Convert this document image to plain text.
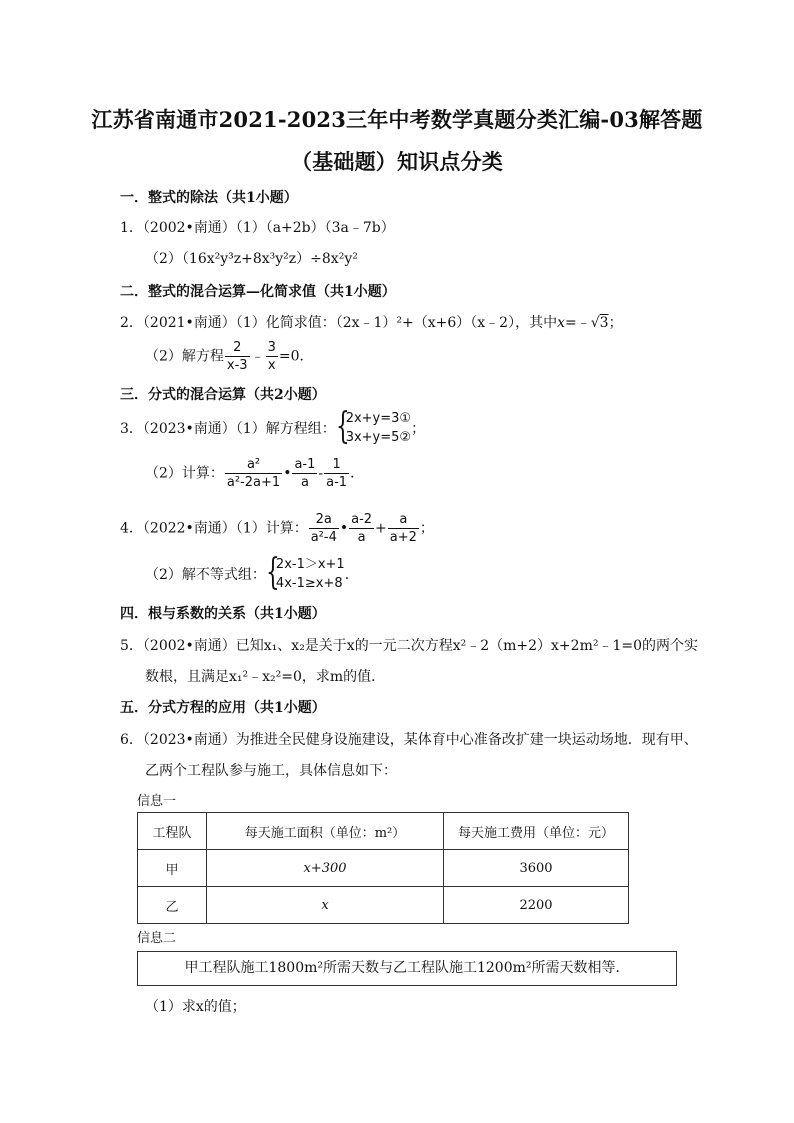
江苏省南通市2021-2023三年中考数学真题分类汇编-03解答题
（基础题）知识点分类
一．整式的除法（共1小题）
1．（2002•南通）（1）（a+2b）（3a﹣7b）
（2）（16x²y³z+8x³y²z）÷8x²y²
二．整式的混合运算—化简求值（共1小题）
2．（2021•南通）（1）化简求值：（2x﹣1）²+（x+6）（x﹣2），其中x=﹣√3；
（2）解方程 $\frac{2}{x-3}$ ﹣ $\frac{3}{x} =0$．
三．分式的混合运算（共2小题）
3．（2023•南通）（1）解方程组： {
2x+y=3①
3x+y=5②
；
（2）计算： $\frac{\text{a²}}{\text{a²-2a+1}}$ • $\frac{a-1}{a} - \frac{1}{a-1}$ ．
4．（2022•南通）（1）计算： $\frac{2a}{\text{a²-4}}$ • $\frac{a-2}{a} + \frac{a}{a+2}$ ；
（2）解不等式组： {
2x-1＞x+1
4x-1≥x+8
．
四．根与系数的关系（共1小题）
5．（2002•南通）已知x₁、x₂是关于x的一元二次方程x²﹣2（m+2）x+2m²﹣1=0的两个实
数根，且满足x₁²﹣x₂²=0，求m的值．
五．分式方程的应用（共1小题）
6．（2023•南通）为推进全民健身设施建设，某体育中心准备改扩建一块运动场地．现有甲、
乙两个工程队参与施工，具体信息如下：
信息一
工程队	每天施工面积（单位：m²）	每天施工费用（单位：元）
甲	x+300	3600
乙	x	2200
信息二
甲工程队施工1800m²所需天数与乙工程队施工1200m²所需天数相等．
（1）求x的值；
